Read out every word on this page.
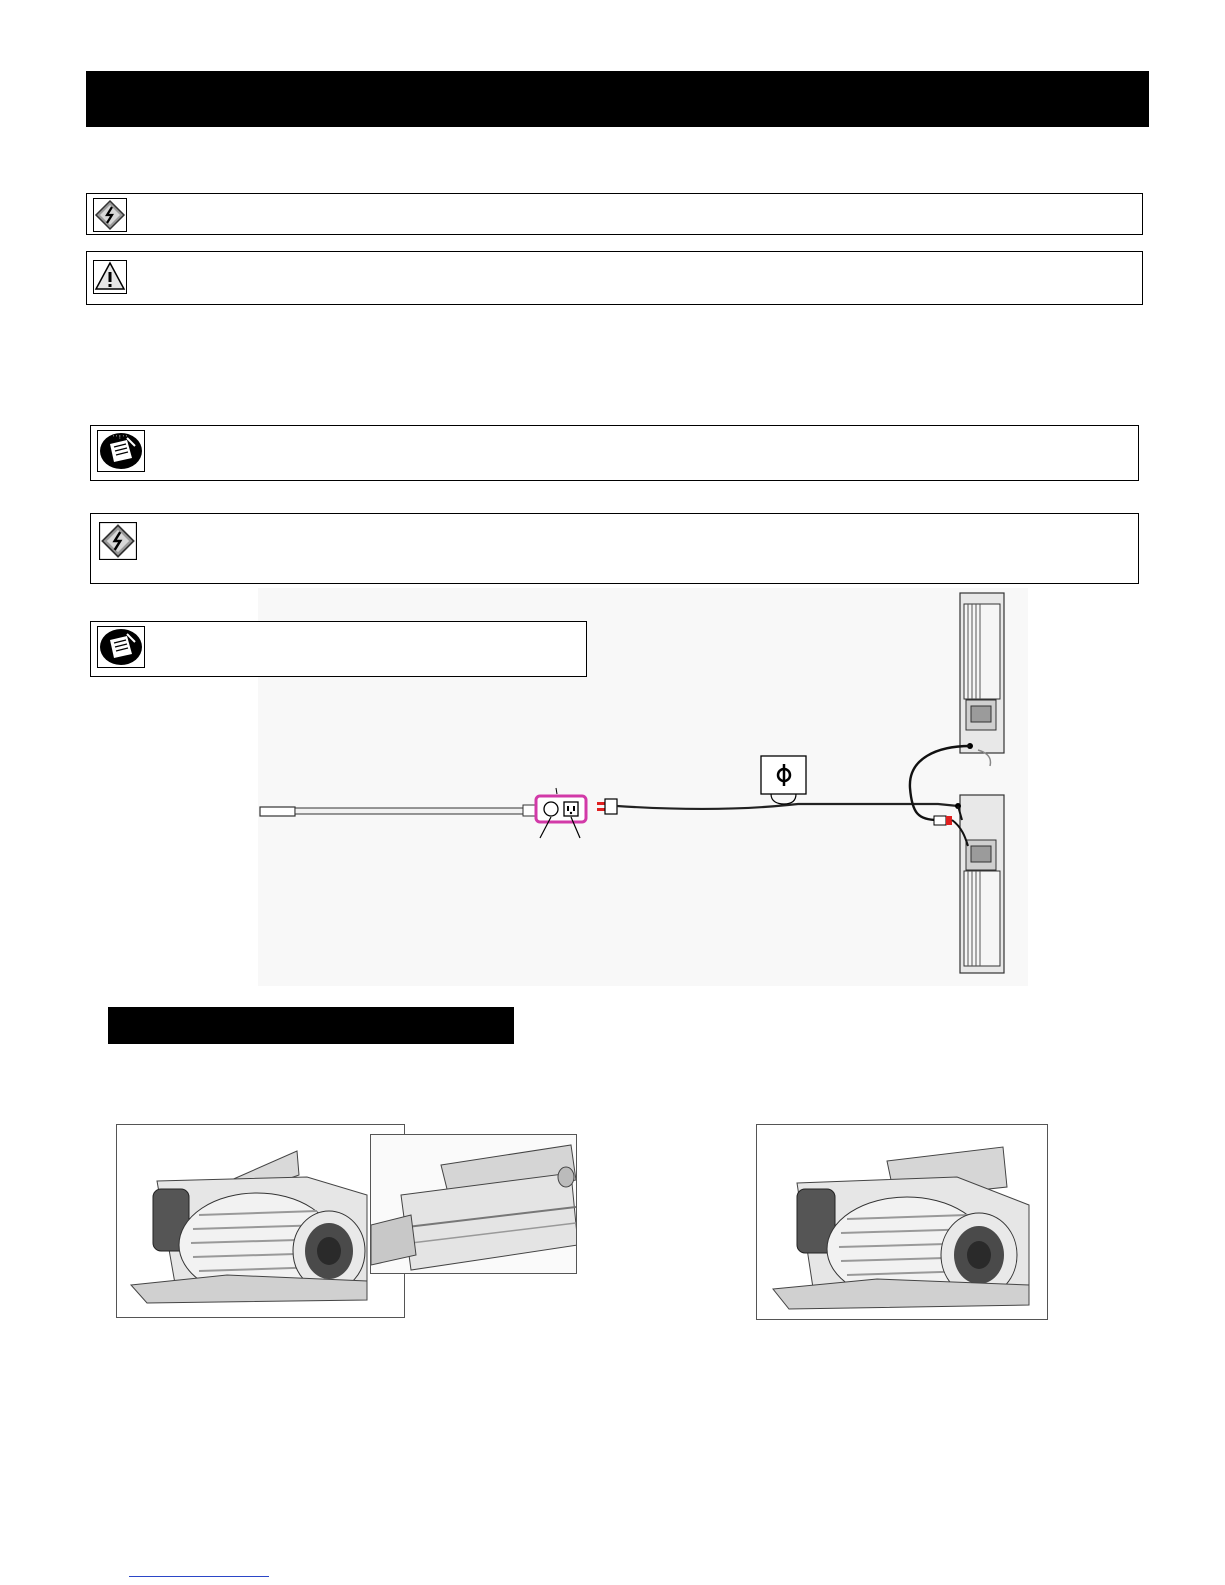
' ' ! ' '
